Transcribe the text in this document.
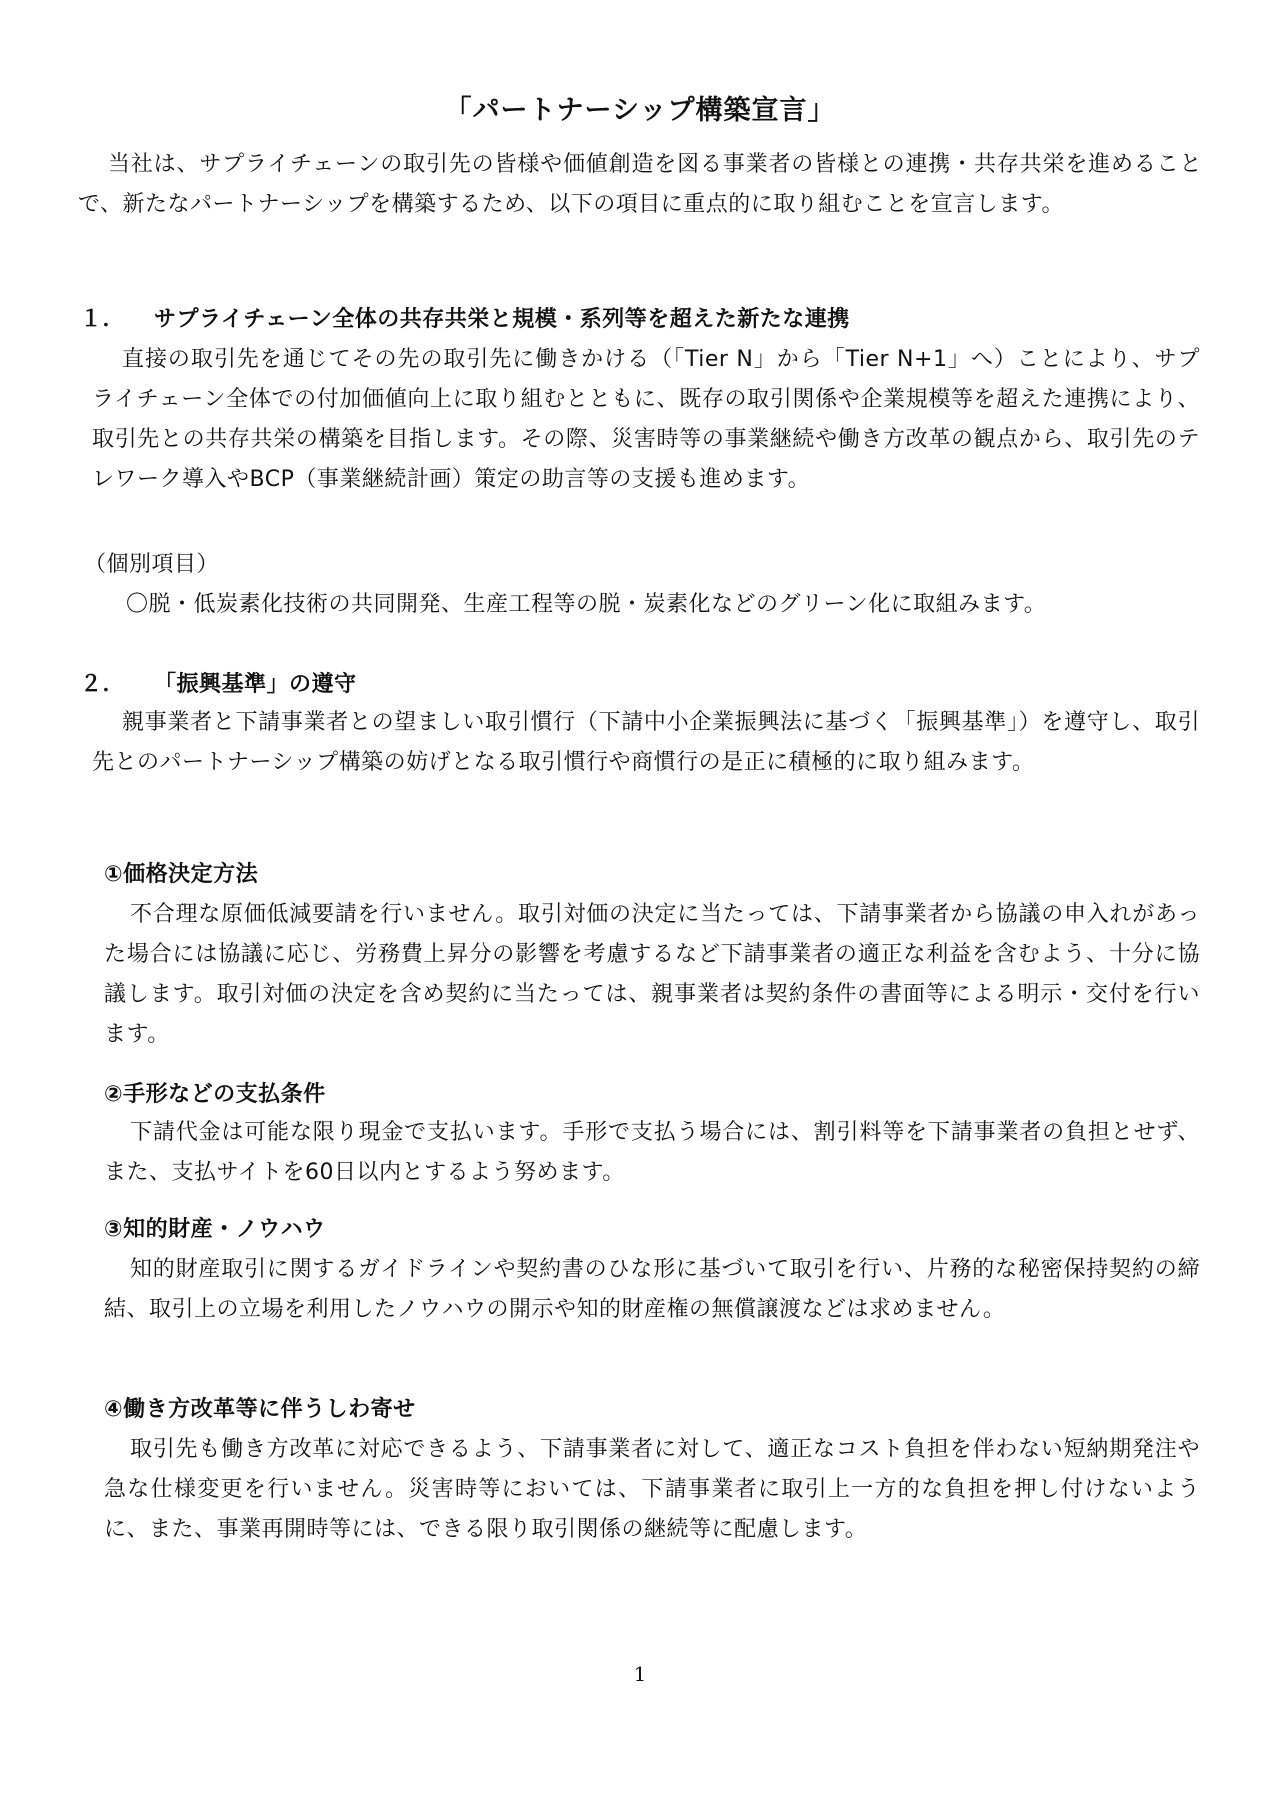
「パートナーシップ構築宣言」

当社は、サプライチェーンの取引先の皆様や価値創造を図る事業者の皆様との連携・共存共栄を進めることで、新たなパートナーシップを構築するため、以下の項目に重点的に取り組むことを宣言します。

１． サプライチェーン全体の共存共栄と規模・系列等を超えた新たな連携

直接の取引先を通じてその先の取引先に働きかける（「Tier N」から「Tier N+1」へ）ことにより、サプライチェーン全体での付加価値向上に取り組むとともに、既存の取引関係や企業規模等を超えた連携により、取引先との共存共栄の構築を目指します。その際、災害時等の事業継続や働き方改革の観点から、取引先のテレワーク導入やBCP（事業継続計画）策定の助言等の支援も進めます。

（個別項目）

〇脱・低炭素化技術の共同開発、生産工程等の脱・炭素化などのグリーン化に取組みます。

２． 「振興基準」の遵守

親事業者と下請事業者との望ましい取引慣行（下請中小企業振興法に基づく「振興基準」）を遵守し、取引先とのパートナーシップ構築の妨げとなる取引慣行や商慣行の是正に積極的に取り組みます。

①価格決定方法

不合理な原価低減要請を行いません。取引対価の決定に当たっては、下請事業者から協議の申入れがあった場合には協議に応じ、労務費上昇分の影響を考慮するなど下請事業者の適正な利益を含むよう、十分に協議します。取引対価の決定を含め契約に当たっては、親事業者は契約条件の書面等による明示・交付を行います。

②手形などの支払条件

下請代金は可能な限り現金で支払います。手形で支払う場合には、割引料等を下請事業者の負担とせず、また、支払サイトを60日以内とするよう努めます。

③知的財産・ノウハウ

知的財産取引に関するガイドラインや契約書のひな形に基づいて取引を行い、片務的な秘密保持契約の締結、取引上の立場を利用したノウハウの開示や知的財産権の無償譲渡などは求めません。

④働き方改革等に伴うしわ寄せ

取引先も働き方改革に対応できるよう、下請事業者に対して、適正なコスト負担を伴わない短納期発注や急な仕様変更を行いません。災害時等においては、下請事業者に取引上一方的な負担を押し付けないように、また、事業再開時等には、できる限り取引関係の継続等に配慮します。

1
